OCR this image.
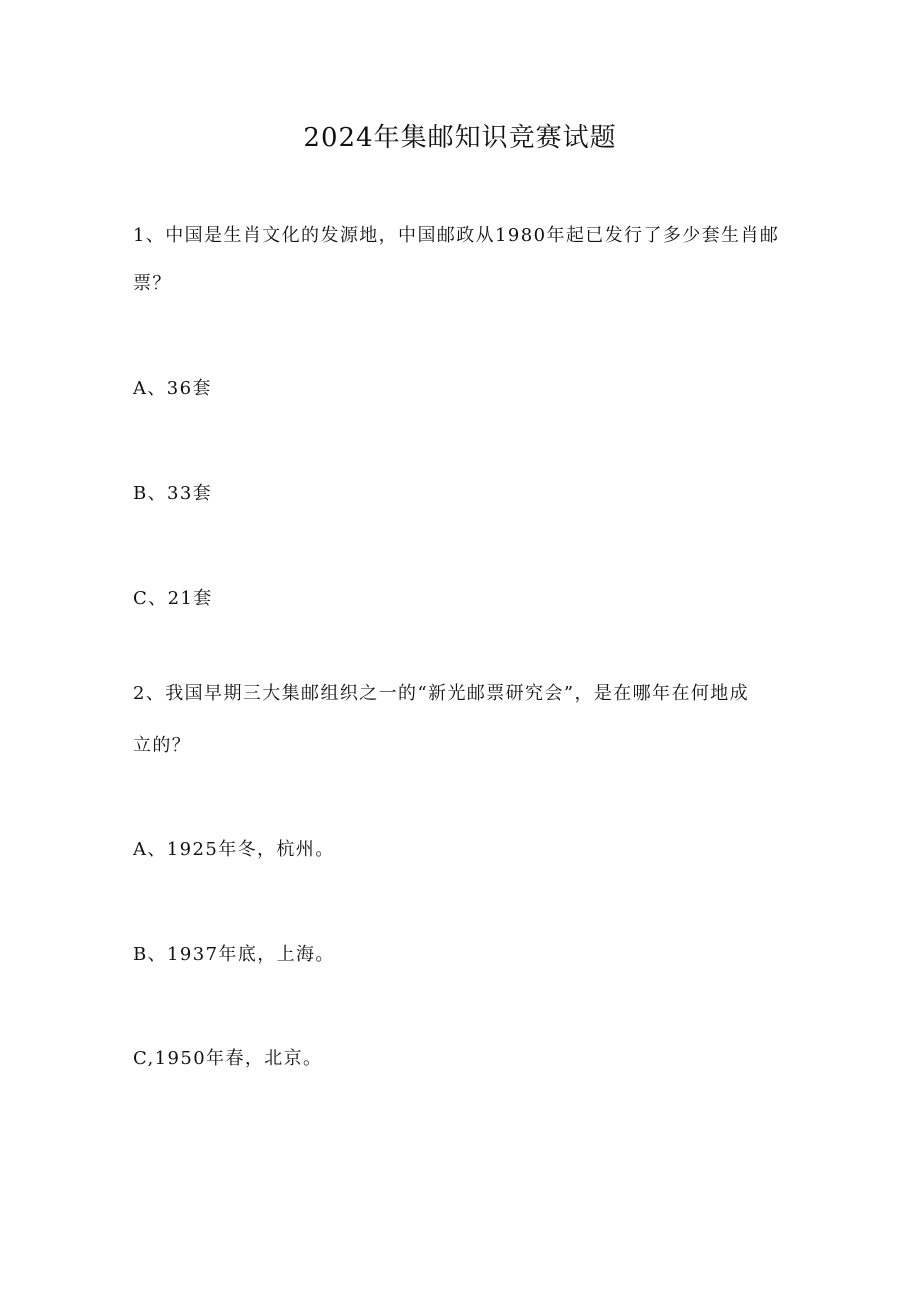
2024年集邮知识竞赛试题
1、中国是生肖文化的发源地，中国邮政从1980年起已发行了多少套生肖邮
票？
A、36套
B、33套
C、21套
2、我国早期三大集邮组织之一的“新光邮票研究会”，是在哪年在何地成
立的？
A、1925年冬，杭州。
B、1937年底，上海。
C,1950年春，北京。
